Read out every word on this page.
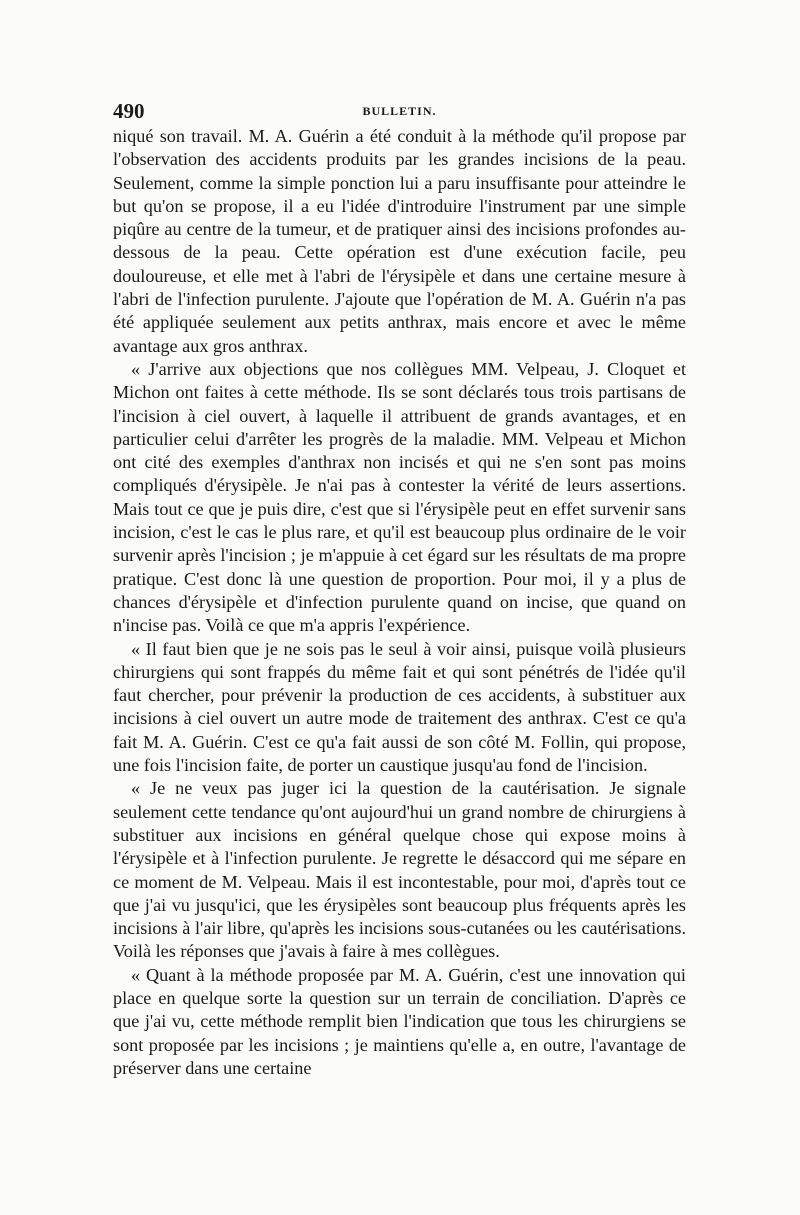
490	BULLETIN.

niqué son travail. M. A. Guérin a été conduit à la méthode qu'il propose par l'observation des accidents produits par les grandes incisions de la peau. Seulement, comme la simple ponction lui a paru insuffisante pour atteindre le but qu'on se propose, il a eu l'idée d'introduire l'instrument par une simple piqûre au centre de la tumeur, et de pratiquer ainsi des incisions profondes au-dessous de la peau. Cette opération est d'une exécution facile, peu douloureuse, et elle met à l'abri de l'érysipèle et dans une certaine mesure à l'abri de l'infection purulente. J'ajoute que l'opération de M. A. Guérin n'a pas été appliquée seulement aux petits anthrax, mais encore et avec le même avantage aux gros anthrax.

« J'arrive aux objections que nos collègues MM. Velpeau, J. Cloquet et Michon ont faites à cette méthode. Ils se sont déclarés tous trois partisans de l'incision à ciel ouvert, à laquelle il attribuent de grands avantages, et en particulier celui d'arrêter les progrès de la maladie. MM. Velpeau et Michon ont cité des exemples d'anthrax non incisés et qui ne s'en sont pas moins compliqués d'érysipèle. Je n'ai pas à contester la vérité de leurs assertions. Mais tout ce que je puis dire, c'est que si l'érysipèle peut en effet survenir sans incision, c'est le cas le plus rare, et qu'il est beaucoup plus ordinaire de le voir survenir après l'incision ; je m'appuie à cet égard sur les résultats de ma propre pratique. C'est donc là une question de proportion. Pour moi, il y a plus de chances d'érysipèle et d'infection purulente quand on incise, que quand on n'incise pas. Voilà ce que m'a appris l'expérience.

« Il faut bien que je ne sois pas le seul à voir ainsi, puisque voilà plusieurs chirurgiens qui sont frappés du même fait et qui sont pénétrés de l'idée qu'il faut chercher, pour prévenir la production de ces accidents, à substituer aux incisions à ciel ouvert un autre mode de traitement des anthrax. C'est ce qu'a fait M. A. Guérin. C'est ce qu'a fait aussi de son côté M. Follin, qui propose, une fois l'incision faite, de porter un caustique jusqu'au fond de l'incision.

« Je ne veux pas juger ici la question de la cautérisation. Je signale seulement cette tendance qu'ont aujourd'hui un grand nombre de chirurgiens à substituer aux incisions en général quelque chose qui expose moins à l'érysipèle et à l'infection purulente. Je regrette le désaccord qui me sépare en ce moment de M. Velpeau. Mais il est incontestable, pour moi, d'après tout ce que j'ai vu jusqu'ici, que les érysipèles sont beaucoup plus fréquents après les incisions à l'air libre, qu'après les incisions sous-cutanées ou les cautérisations. Voilà les réponses que j'avais à faire à mes collègues.

« Quant à la méthode proposée par M. A. Guérin, c'est une innovation qui place en quelque sorte la question sur un terrain de conciliation. D'après ce que j'ai vu, cette méthode remplit bien l'indication que tous les chirurgiens se sont proposée par les incisions ; je maintiens qu'elle a, en outre, l'avantage de préserver dans une certaine
